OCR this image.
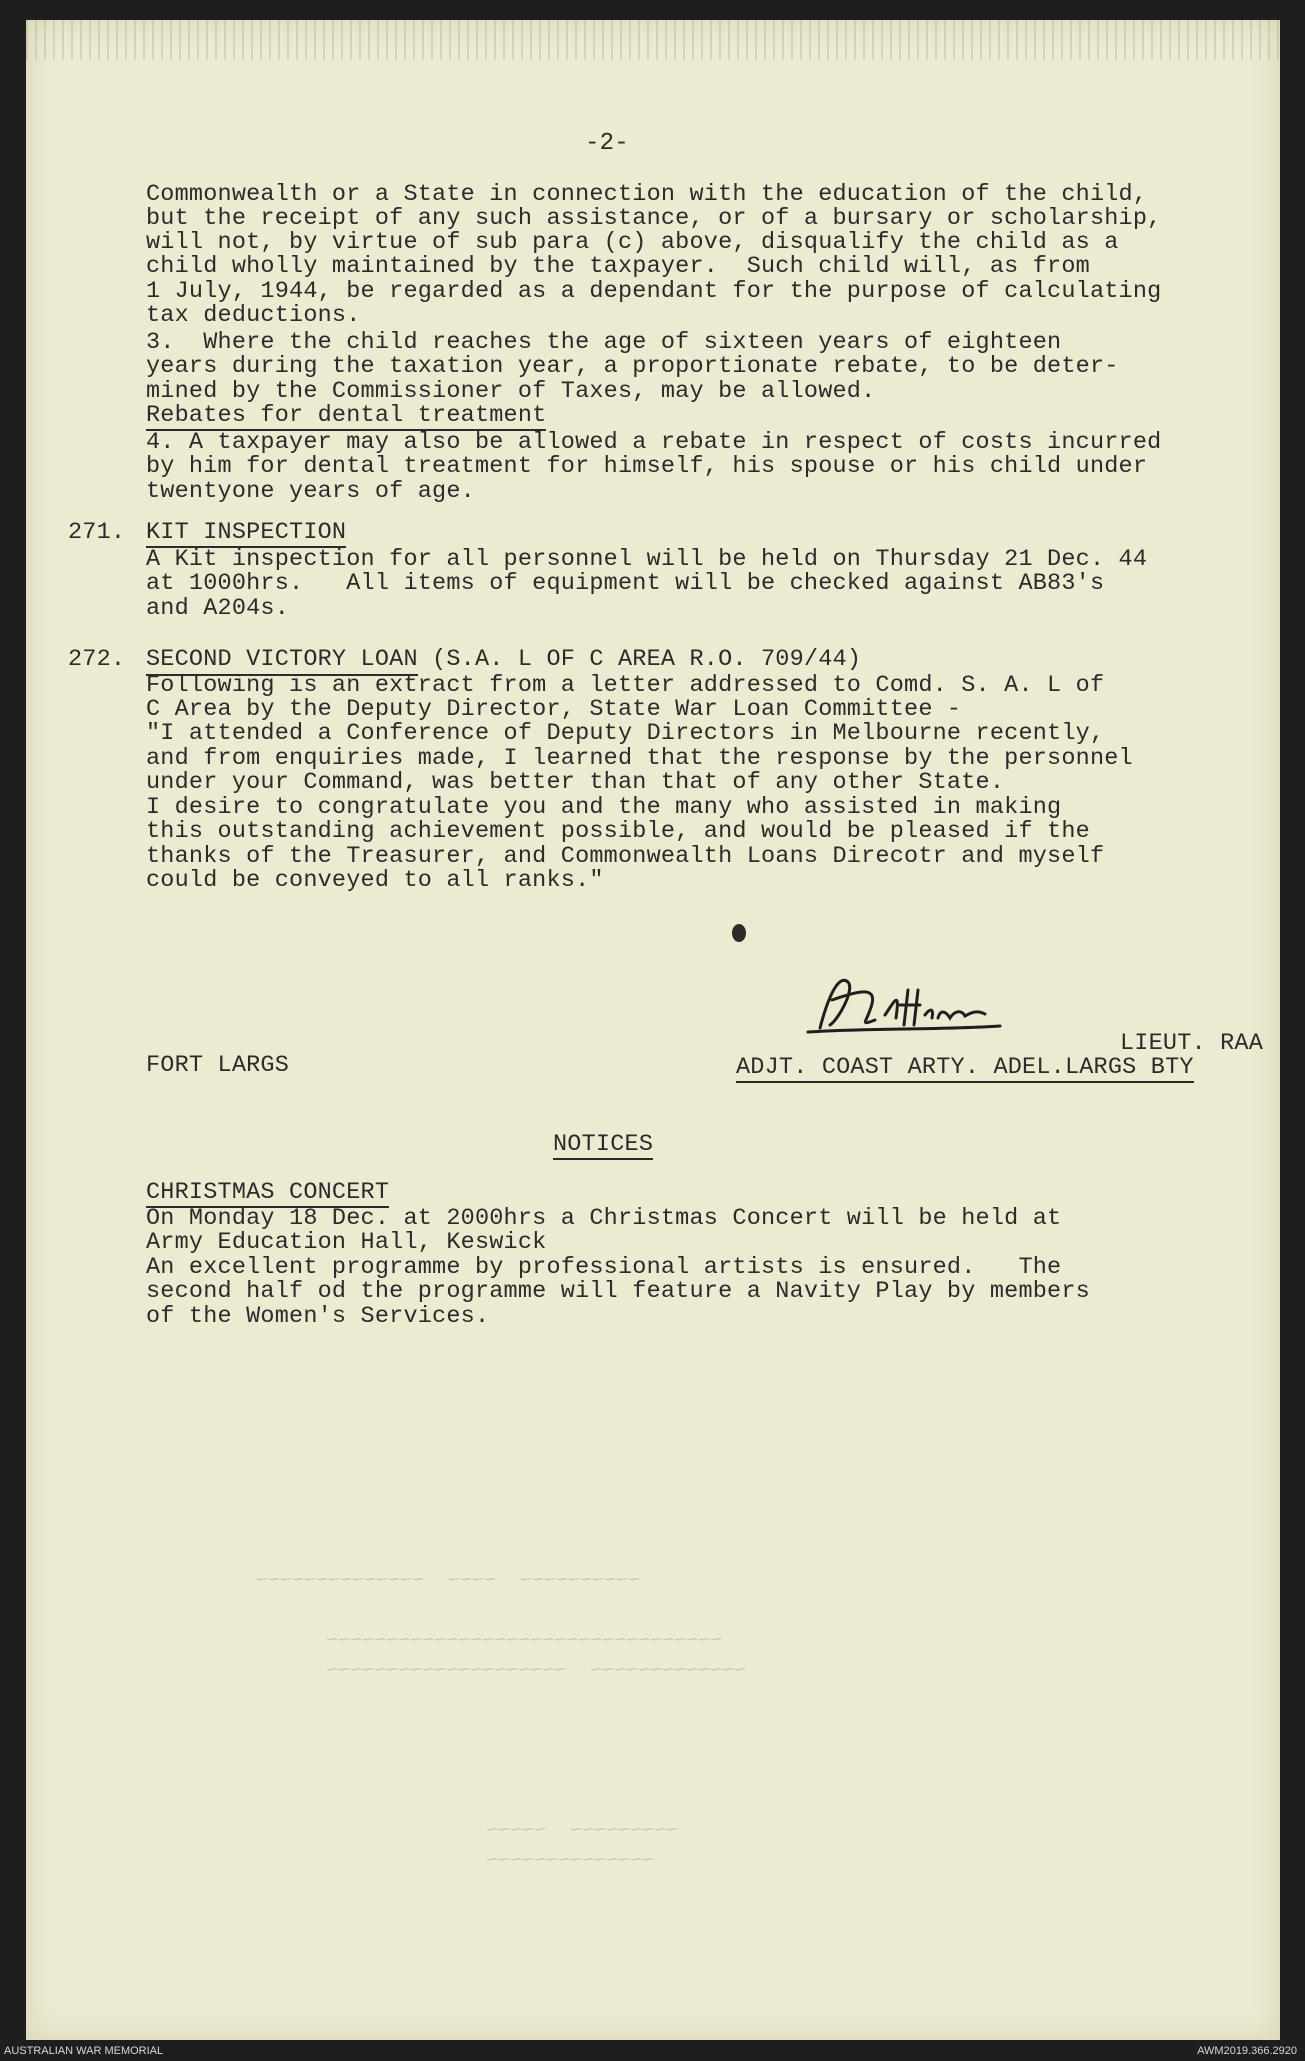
~~~~~~~~~~  ~~~~  ~~~~~~~~~~~~~~
~~~~~~~~~~~~~~~~~~~~~~~~~~~~~~~~~
~~~~~~~~~~~~~  ~~~~~~~~~~~~~~~~~~~~
~~~~~~~~~  ~~~~~
~~~~~~~~~~~~~~
-2-
Commonwealth or a State in connection with the education of the child,
but the receipt of any such assistance, or of a bursary or scholarship,
will not, by virtue of sub para (c) above, disqualify the child as a
child wholly maintained by the taxpayer.  Such child will, as from
1 July, 1944, be regarded as a dependant for the purpose of calculating
tax deductions.
3.  Where the child reaches the age of sixteen years of eighteen
years during the taxation year, a proportionate rebate, to be deter-
mined by the Commissioner of Taxes, may be allowed.
Rebates for dental treatment
4. A taxpayer may also be allowed a rebate in respect of costs incurred
by him for dental treatment for himself, his spouse or his child under
twentyone years of age.
271. KIT INSPECTION
A Kit inspection for all personnel will be held on Thursday 21 Dec. 44
at 1000hrs.   All items of equipment will be checked against AB83's
and A204s.
272. SECOND VICTORY LOAN (S.A. L OF C AREA R.O. 709/44)
Following is an extract from a letter addressed to Comd. S. A. L of
C Area by the Deputy Director, State War Loan Committee -
"I attended a Conference of Deputy Directors in Melbourne recently,
and from enquiries made, I learned that the response by the personnel
under your Command, was better than that of any other State.
I desire to congratulate you and the many who assisted in making
this outstanding achievement possible, and would be pleased if the
thanks of the Treasurer, and Commonwealth Loans Direcotr and myself
could be conveyed to all ranks."
LIEUT. RAA
FORT LARGS	ADJT. COAST ARTY. ADEL.LARGS BTY
NOTICES
CHRISTMAS CONCERT
On Monday 18 Dec. at 2000hrs a Christmas Concert will be held at
Army Education Hall, Keswick
An excellent programme by professional artists is ensured.   The
second half od the programme will feature a Navity Play by members
of the Women's Services.
AUSTRALIAN WAR MEMORIAL	AWM2019.366.2920
